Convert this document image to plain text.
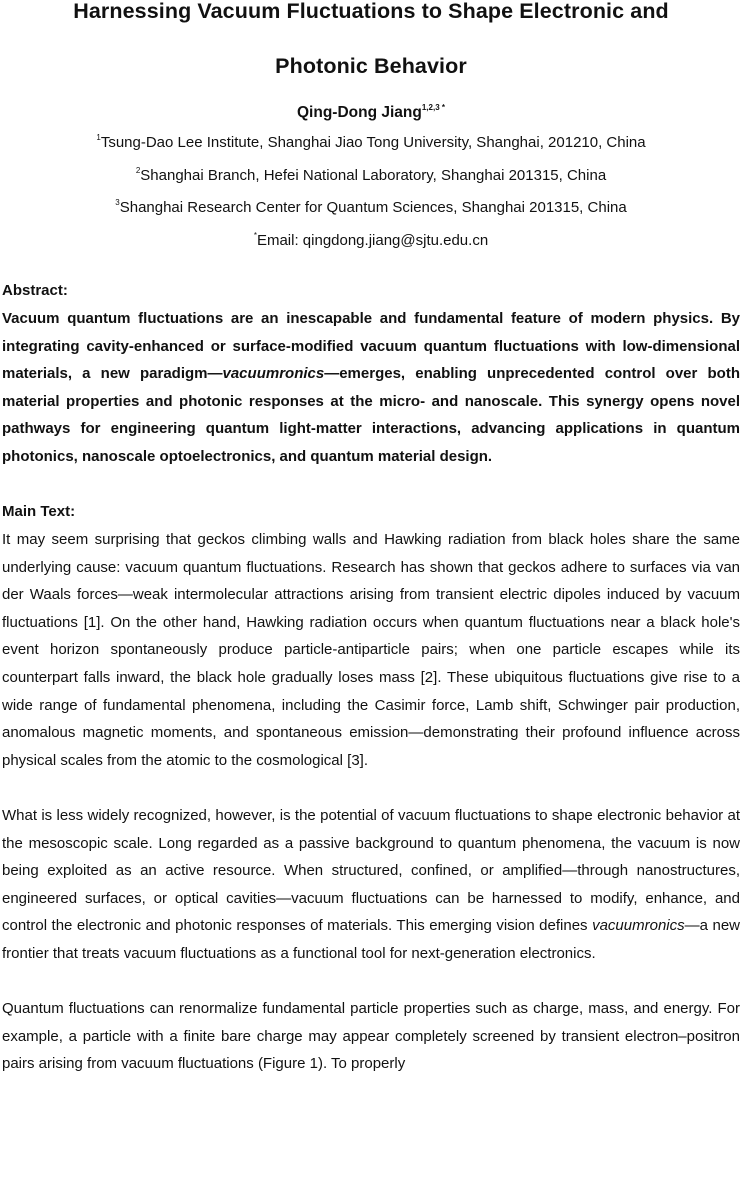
Harnessing Vacuum Fluctuations to Shape Electronic and
Photonic Behavior
Qing-Dong Jiang$^{1,2,3 *}$
$^1$Tsung-Dao Lee Institute, Shanghai Jiao Tong University, Shanghai, 201210, China
$^2$Shanghai Branch, Hefei National Laboratory, Shanghai 201315, China
$^3$Shanghai Research Center for Quantum Sciences, Shanghai 201315, China
*Email: qingdong.jiang@sjtu.edu.cn
Abstract:
Vacuum quantum fluctuations are an inescapable and fundamental feature of modern physics. By integrating cavity-enhanced or surface-modified vacuum quantum fluctuations with low-dimensional materials, a new paradigm—vacuumronics—emerges, enabling unprecedented control over both material properties and photonic responses at the micro- and nanoscale. This synergy opens novel pathways for engineering quantum light-matter interactions, advancing applications in quantum photonics, nanoscale optoelectronics, and quantum material design.
Main Text:

It may seem surprising that geckos climbing walls and Hawking radiation from black holes share the same underlying cause: vacuum quantum fluctuations. Research has shown that geckos adhere to surfaces via van der Waals forces—weak intermolecular attractions arising from transient electric dipoles induced by vacuum fluctuations [1]. On the other hand, Hawking radiation occurs when quantum fluctuations near a black hole's event horizon spontaneously produce particle-antiparticle pairs; when one particle escapes while its counterpart falls inward, the black hole gradually loses mass [2]. These ubiquitous fluctuations give rise to a wide range of fundamental phenomena, including the Casimir force, Lamb shift, Schwinger pair production, anomalous magnetic moments, and spontaneous emission—demonstrating their profound influence across physical scales from the atomic to the cosmological [3].

What is less widely recognized, however, is the potential of vacuum fluctuations to shape electronic behavior at the mesoscopic scale. Long regarded as a passive background to quantum phenomena, the vacuum is now being exploited as an active resource. When structured, confined, or amplified—through nanostructures, engineered surfaces, or optical cavities—vacuum fluctuations can be harnessed to modify, enhance, and control the electronic and photonic responses of materials. This emerging vision defines vacuumronics—a new frontier that treats vacuum fluctuations as a functional tool for next-generation electronics.

Quantum fluctuations can renormalize fundamental particle properties such as charge, mass, and energy. For example, a particle with a finite bare charge may appear completely screened by transient electron–positron pairs arising from vacuum fluctuations (Figure 1). To properly
